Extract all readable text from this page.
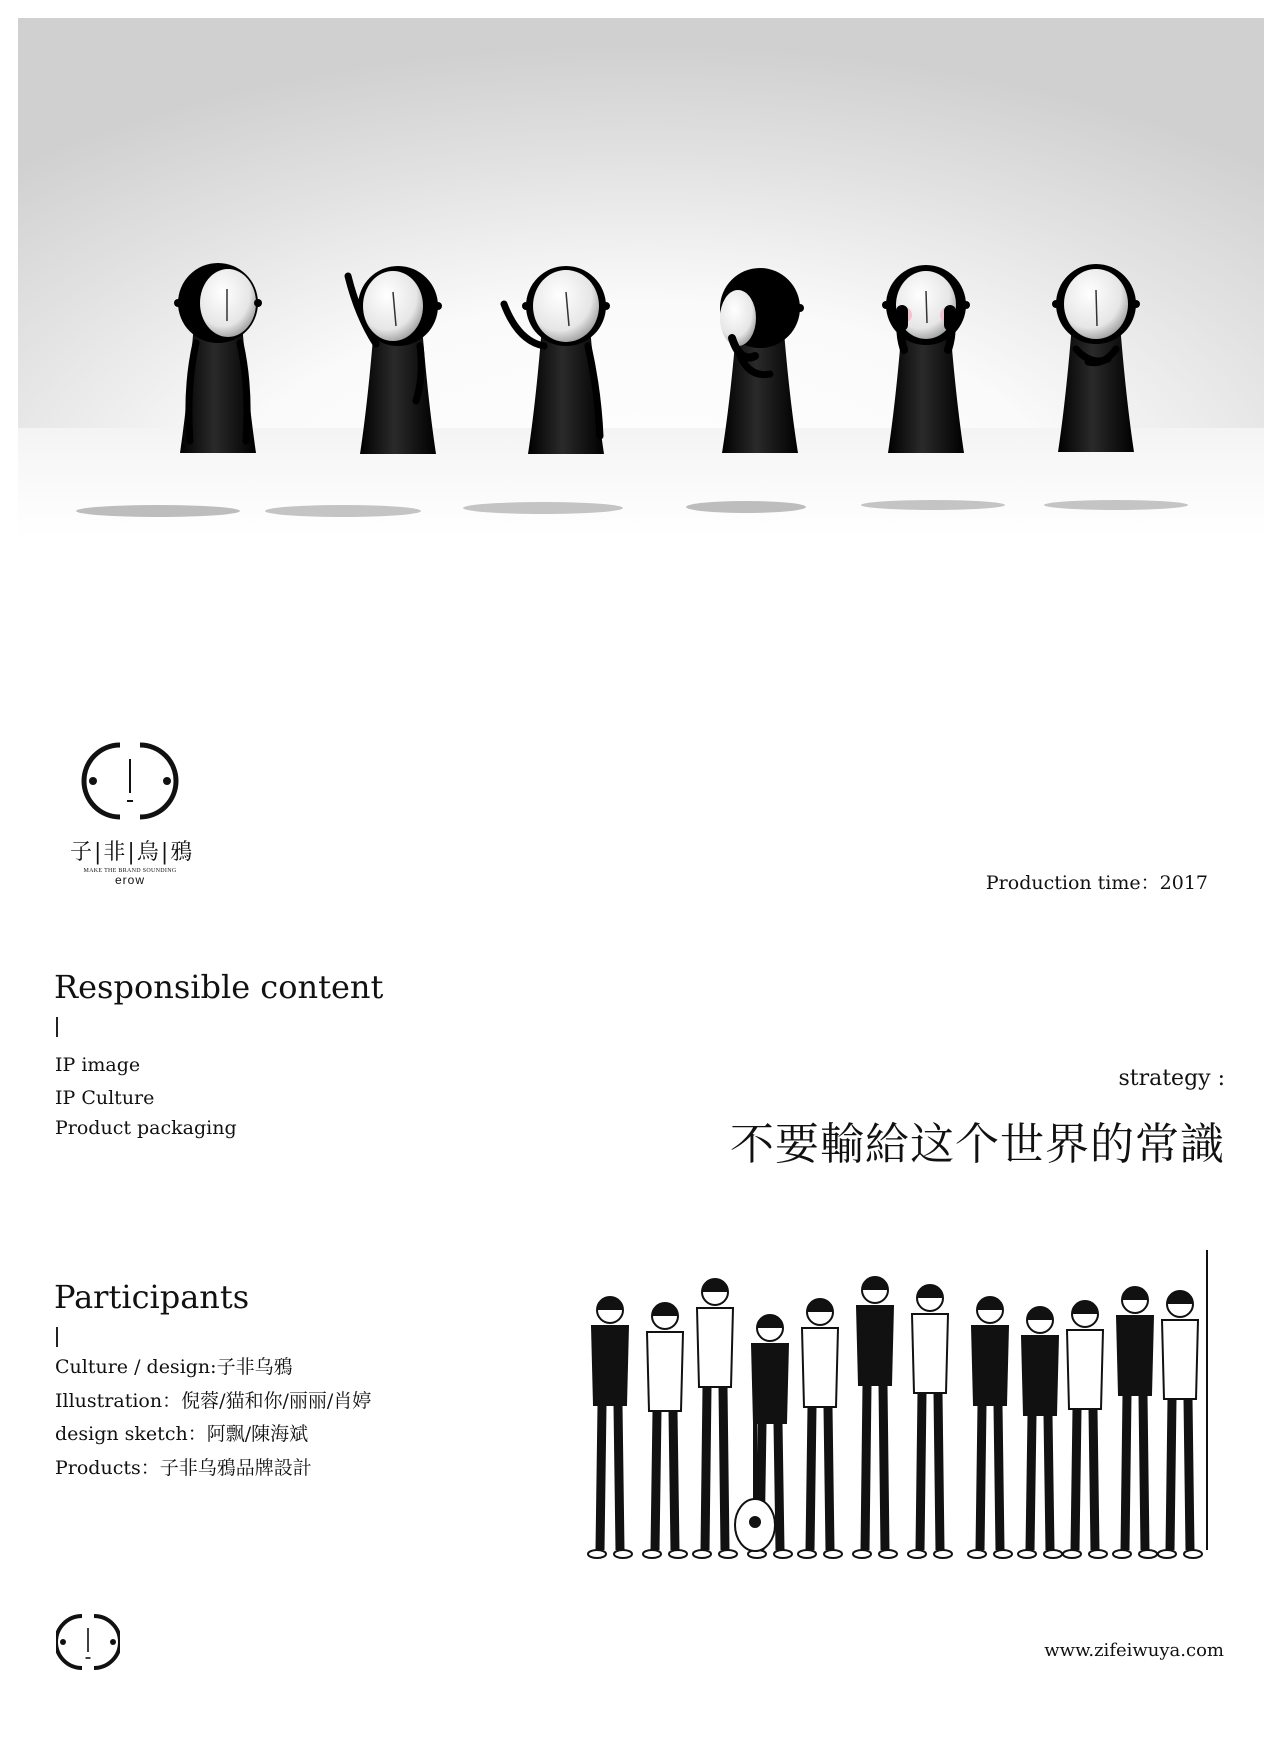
子|非|烏|鴉
MAKE THE BRAND SOUNDING
erow	Production time：2017
Responsible content
IP image
IP Culture
Product packaging
strategy :
不要輸給这个世界的常識
Participants
Culture / design:子非乌鴉
Illustration：倪蓉/猫和你/丽丽/肖婷
design sketch：阿飘/陳海斌
Products：子非乌鴉品牌設計
www.zifeiwuya.com
